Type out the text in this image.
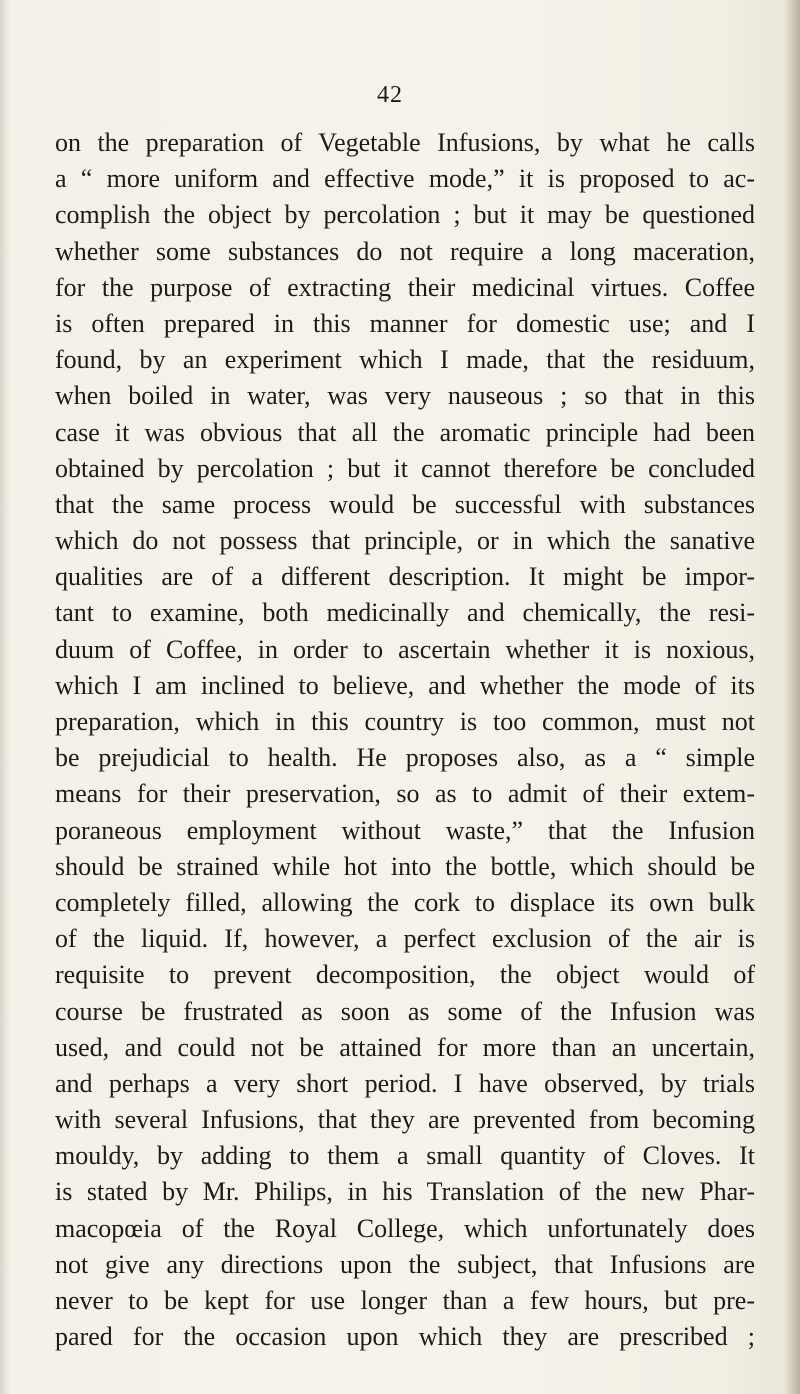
42
on the preparation of Vegetable Infusions, by what he calls
a “ more uniform and effective mode,” it is proposed to ac-
complish the object by percolation ; but it may be questioned
whether some substances do not require a long maceration,
for the purpose of extracting their medicinal virtues. Coffee
is often prepared in this manner for domestic use; and I
found, by an experiment which I made, that the residuum,
when boiled in water, was very nauseous ; so that in this
case it was obvious that all the aromatic principle had been
obtained by percolation ; but it cannot therefore be concluded
that the same process would be successful with substances
which do not possess that principle, or in which the sanative
qualities are of a different description. It might be impor-
tant to examine, both medicinally and chemically, the resi-
duum of Coffee, in order to ascertain whether it is noxious,
which I am inclined to believe, and whether the mode of its
preparation, which in this country is too common, must not
be prejudicial to health. He proposes also, as a “ simple
means for their preservation, so as to admit of their extem-
poraneous employment without waste,” that the Infusion
should be strained while hot into the bottle, which should be
completely filled, allowing the cork to displace its own bulk
of the liquid. If, however, a perfect exclusion of the air is
requisite to prevent decomposition, the object would of
course be frustrated as soon as some of the Infusion was
used, and could not be attained for more than an uncertain,
and perhaps a very short period. I have observed, by trials
with several Infusions, that they are prevented from becoming
mouldy, by adding to them a small quantity of Cloves. It
is stated by Mr. Philips, in his Translation of the new Phar-
macopœia of the Royal College, which unfortunately does
not give any directions upon the subject, that Infusions are
never to be kept for use longer than a few hours, but pre-
pared for the occasion upon which they are prescribed ;
